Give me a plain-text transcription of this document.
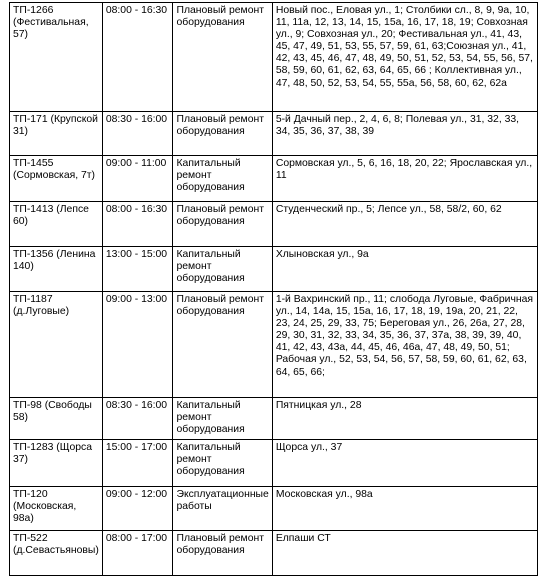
ТП-1266 (Фестивальная, 57)	08:00 - 16:30	Плановый ремонт оборудования	Новый пос., Еловая ул., 1; Столбики сл., 8, 9, 9а, 10, 11, 11а, 12, 13, 14, 15, 15а, 16, 17, 18, 19; Совхозная ул., 9; Совхозная ул., 20; Фестивальная ул., 41, 43, 45, 47, 49, 51, 53, 55, 57, 59, 61, 63;Союзная ул., 41, 42, 43, 45, 46, 47, 48, 49, 50, 51, 52, 53, 54, 55, 56, 57, 58, 59, 60, 61, 62, 63, 64, 65, 66 ; Коллективная ул., 47, 48, 50, 52, 53, 54, 55, 55а, 56, 58, 60, 62, 62а
ТП-171 (Крупской 31)	08:30 - 16:00	Плановый ремонт оборудования	5-й Дачный пер., 2, 4, 6, 8; Полевая ул., 31, 32, 33, 34, 35, 36, 37, 38, 39
ТП-1455 (Сормовская, 7т)	09:00 - 11:00	Капитальный ремонт оборудования	Сормовская ул., 5, 6, 16, 18, 20, 22; Ярославская ул., 11
ТП-1413 (Лепсе 60)	08:00 - 16:30	Плановый ремонт оборудования	Студенческий пр., 5; Лепсе ул., 58, 58/2, 60, 62
ТП-1356 (Ленина 140)	13:00 - 15:00	Капитальный ремонт оборудования	Хлыновская ул., 9а
ТП-1187 (д.Луговые)	09:00 - 13:00	Плановый ремонт оборудования	1-й Вахринский пр., 11; слобода Луговые, Фабричная ул., 14, 14а, 15, 15а, 16, 17, 18, 19, 19а, 20, 21, 22, 23, 24, 25, 29, 33, 75; Береговая ул., 26, 26а, 27, 28, 29, 30, 31, 32, 33, 34, 35, 36, 37, 37а, 38, 39, 39, 40, 41, 42, 43, 43а, 44, 45, 46, 46а, 47, 48, 49, 50, 51; Рабочая ул., 52, 53, 54, 56, 57, 58, 59, 60, 61, 62, 63, 64, 65, 66;
ТП-98 (Свободы 58)	08:30 - 16:00	Капитальный ремонт оборудования	Пятницкая ул., 28
ТП-1283 (Щорса 37)	15:00 - 17:00	Капитальный ремонт оборудования	Щорса ул., 37
ТП-120 (Московская, 98а)	09:00 - 12:00	Эксплуатационные работы	Московская ул., 98а
ТП-522 (д.Севастьяновы)	08:00 - 17:00	Плановый ремонт оборудования	Елпаши СТ
